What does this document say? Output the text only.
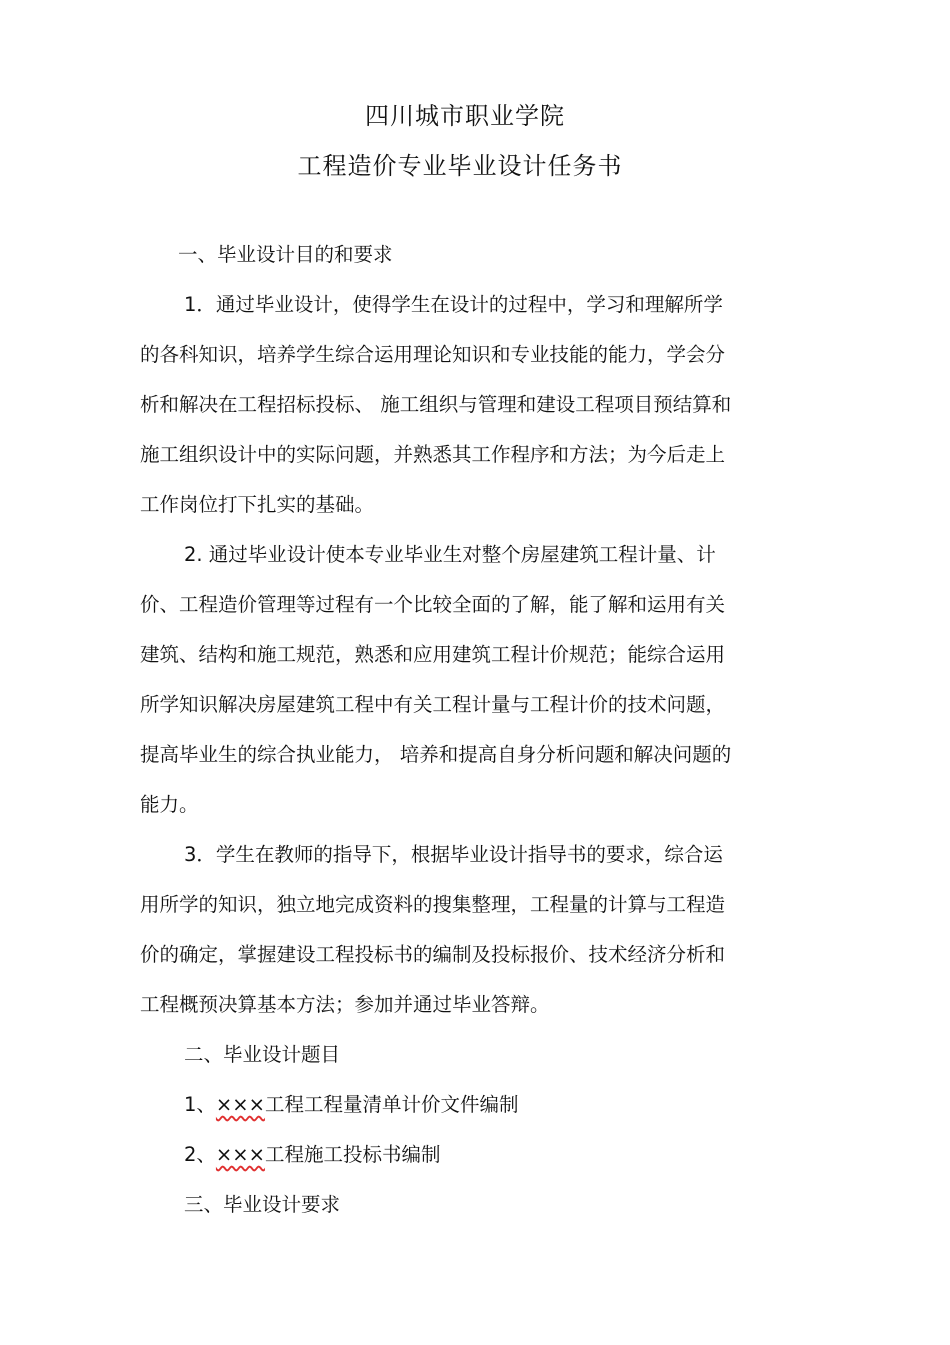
四川城市职业学院
工程造价专业毕业设计任务书
一、毕业设计目的和要求
1．通过毕业设计，使得学生在设计的过程中，学习和理解所学
的各科知识，培养学生综合运用理论知识和专业技能的能力，学会分
析和解决在工程招标投标、 施工组织与管理和建设工程项目预结算和
施工组织设计中的实际问题，并熟悉其工作程序和方法；为今后走上
工作岗位打下扎实的基础。
2. 通过毕业设计使本专业毕业生对整个房屋建筑工程计量、计
价、工程造价管理等过程有一个比较全面的了解，能了解和运用有关
建筑、结构和施工规范，熟悉和应用建筑工程计价规范；能综合运用
所学知识解决房屋建筑工程中有关工程计量与工程计价的技术问题，
提高毕业生的综合执业能力， 培养和提高自身分析问题和解决问题的
能力。
3．学生在教师的指导下，根据毕业设计指导书的要求，综合运
用所学的知识，独立地完成资料的搜集整理，工程量的计算与工程造
价的确定，掌握建设工程投标书的编制及投标报价、技术经济分析和
工程概预决算基本方法；参加并通过毕业答辩。
二、毕业设计题目
1、×××工程工程量清单计价文件编制
2、×××工程施工投标书编制
三、毕业设计要求
